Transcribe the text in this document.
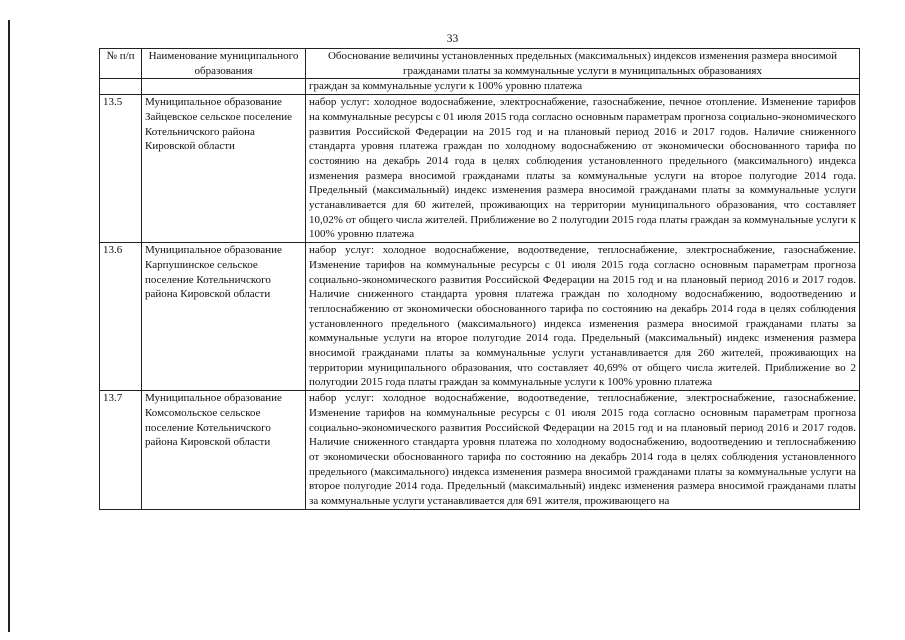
33
№ п/п	Наименование муниципального образования	Обоснование величины установленных предельных (максимальных) индексов изменения размера вносимой гражданами платы за коммунальные услуги в муниципальных образованиях
		граждан за коммунальные услуги к 100% уровню платежа
13.5	Муниципальное образование Зайцевское сельское поселение Котельничского района Кировской области	набор услуг: холодное водоснабжение, электроснабжение, газоснабжение, печное отопление. Изменение тарифов на коммунальные ресурсы с 01 июля 2015 года согласно основным параметрам прогноза социально-экономического развития Российской Федерации на 2015 год и на плановый период 2016 и 2017 годов. Наличие сниженного стандарта уровня платежа граждан по холодному водоснабжению от экономически обоснованного тарифа по состоянию на декабрь 2014 года в целях соблюдения установленного предельного (максимального) индекса изменения размера вносимой гражданами платы за коммунальные услуги на второе полугодие 2014 года. Предельный (максимальный) индекс изменения размера вносимой гражданами платы за коммунальные услуги устанавливается для 60 жителей, проживающих на территории муниципального образования, что составляет 10,02% от общего числа жителей. Приближение во 2 полугодии 2015 года платы граждан за коммунальные услуги к 100% уровню платежа
13.6	Муниципальное образование Карпушинское сельское поселение Котельничского района Кировской области	набор услуг: холодное водоснабжение, водоотведение, теплоснабжение, электроснабжение, газоснабжение. Изменение тарифов на коммунальные ресурсы с 01 июля 2015 года согласно основным параметрам прогноза социально-экономического развития Российской Федерации на 2015 год и на плановый период 2016 и 2017 годов. Наличие сниженного стандарта уровня платежа граждан по холодному водоснабжению, водоотведению и теплоснабжению от экономически обоснованного тарифа по состоянию на декабрь 2014 года в целях соблюдения установленного предельного (максимального) индекса изменения размера вносимой гражданами платы за коммунальные услуги на второе полугодие 2014 года. Предельный (максимальный) индекс изменения размера вносимой гражданами платы за коммунальные услуги устанавливается для 260 жителей, проживающих на территории муниципального образования, что составляет 40,69% от общего числа жителей. Приближение во 2 полугодии 2015 года платы граждан за коммунальные услуги к 100% уровню платежа
13.7	Муниципальное образование Комсомольское сельское поселение Котельничского района Кировской области	набор услуг: холодное водоснабжение, водоотведение, теплоснабжение, электроснабжение, газоснабжение. Изменение тарифов на коммунальные ресурсы с 01 июля 2015 года согласно основным параметрам прогноза социально-экономического развития Российской Федерации на 2015 год и на плановый период 2016 и 2017 годов. Наличие сниженного стандарта уровня платежа по холодному водоснабжению, водоотведению и теплоснабжению от экономически обоснованного тарифа по состоянию на декабрь 2014 года в целях соблюдения установленного предельного (максимального) индекса изменения размера вносимой гражданами платы за коммунальные услуги на второе полугодие 2014 года. Предельный (максимальный) индекс изменения размера вносимой гражданами платы за коммунальные услуги устанавливается для 691 жителя, проживающего на
